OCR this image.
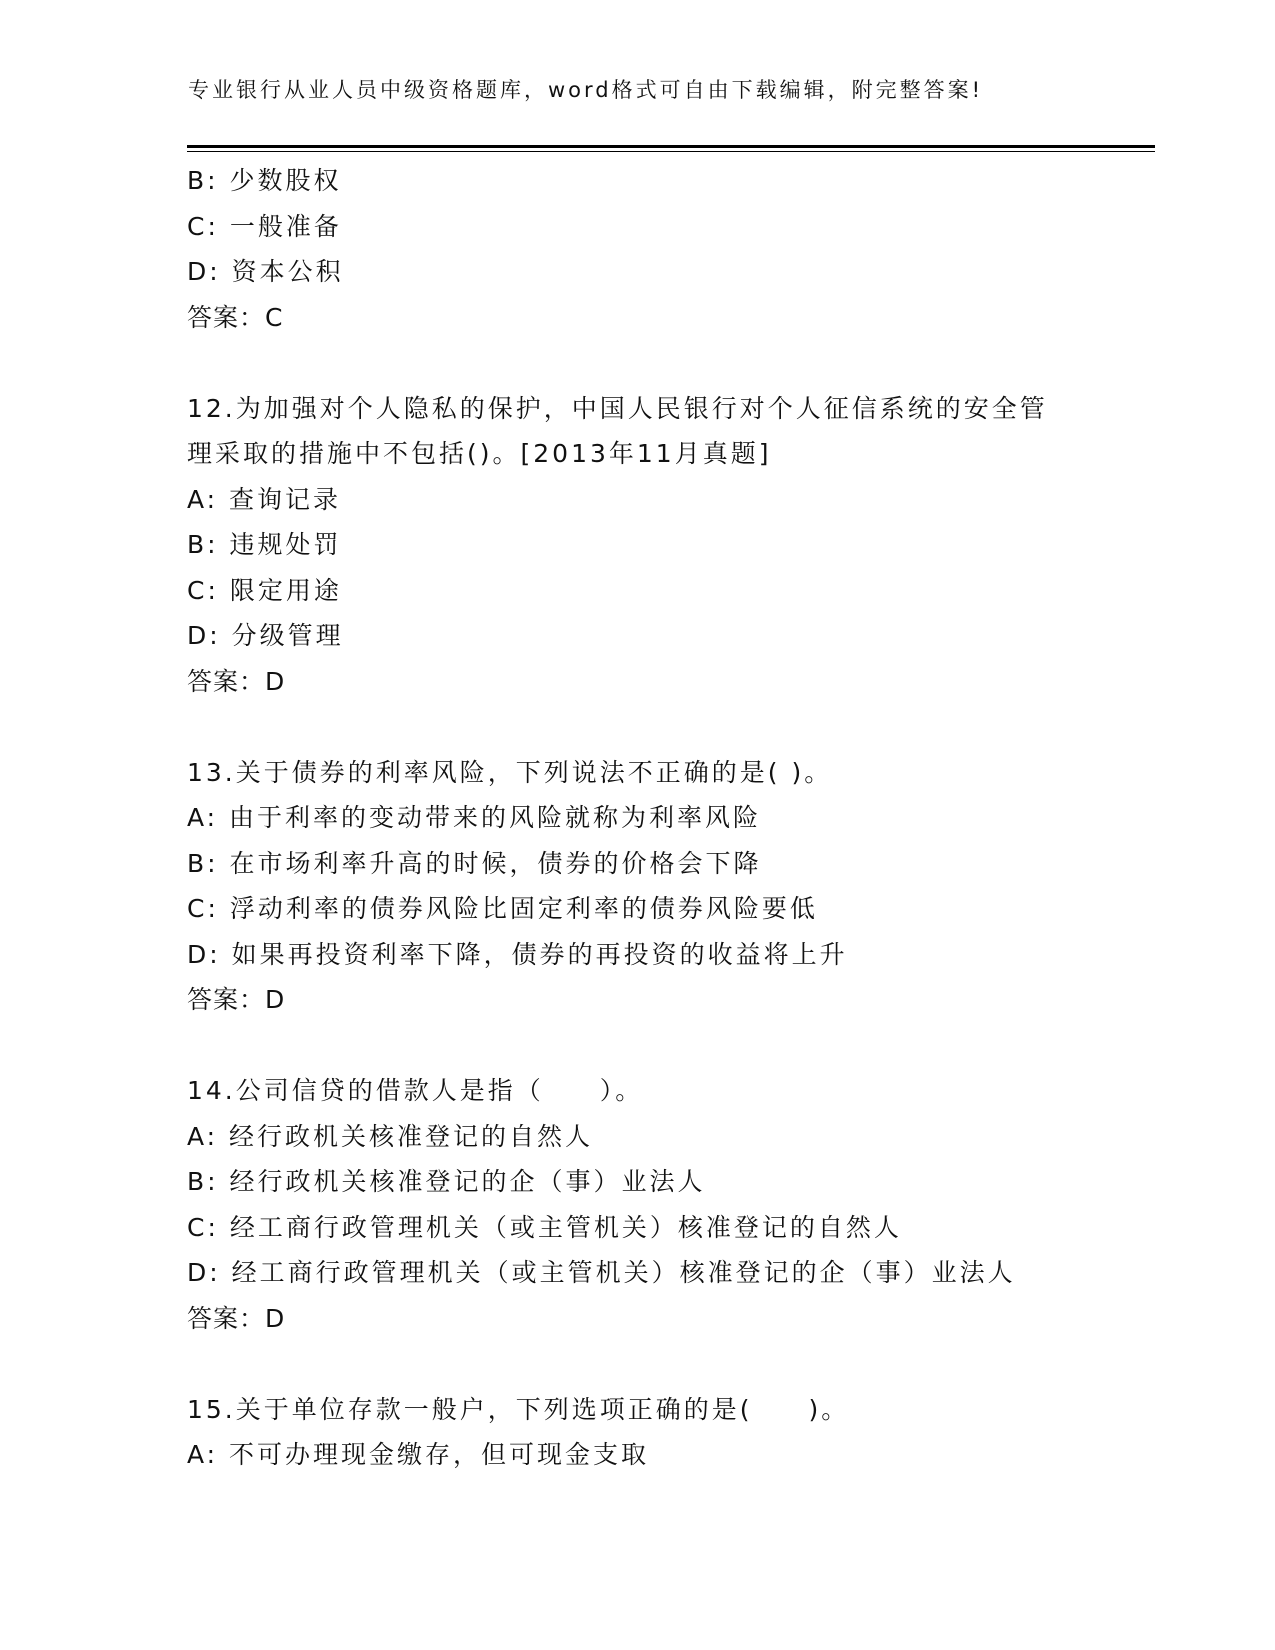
专业银行从业人员中级资格题库，word格式可自由下载编辑，附完整答案!
B: 少数股权
C: 一般准备
D: 资本公积
答案：C
12.为加强对个人隐私的保护，中国人民银行对个人征信系统的安全管
理采取的措施中不包括()。[2013年11月真题]
A: 查询记录
B: 违规处罚
C: 限定用途
D: 分级管理
答案：D
13.关于债券的利率风险，下列说法不正确的是( )。
A: 由于利率的变动带来的风险就称为利率风险
B: 在市场利率升高的时候，债券的价格会下降
C: 浮动利率的债券风险比固定利率的债券风险要低
D: 如果再投资利率下降，债券的再投资的收益将上升
答案：D
14.公司信贷的借款人是指（　　）。
A: 经行政机关核准登记的自然人
B: 经行政机关核准登记的企（事）业法人
C: 经工商行政管理机关（或主管机关）核准登记的自然人
D: 经工商行政管理机关（或主管机关）核准登记的企（事）业法人
答案：D
15.关于单位存款一般户，下列选项正确的是(　　)。
A: 不可办理现金缴存，但可现金支取
